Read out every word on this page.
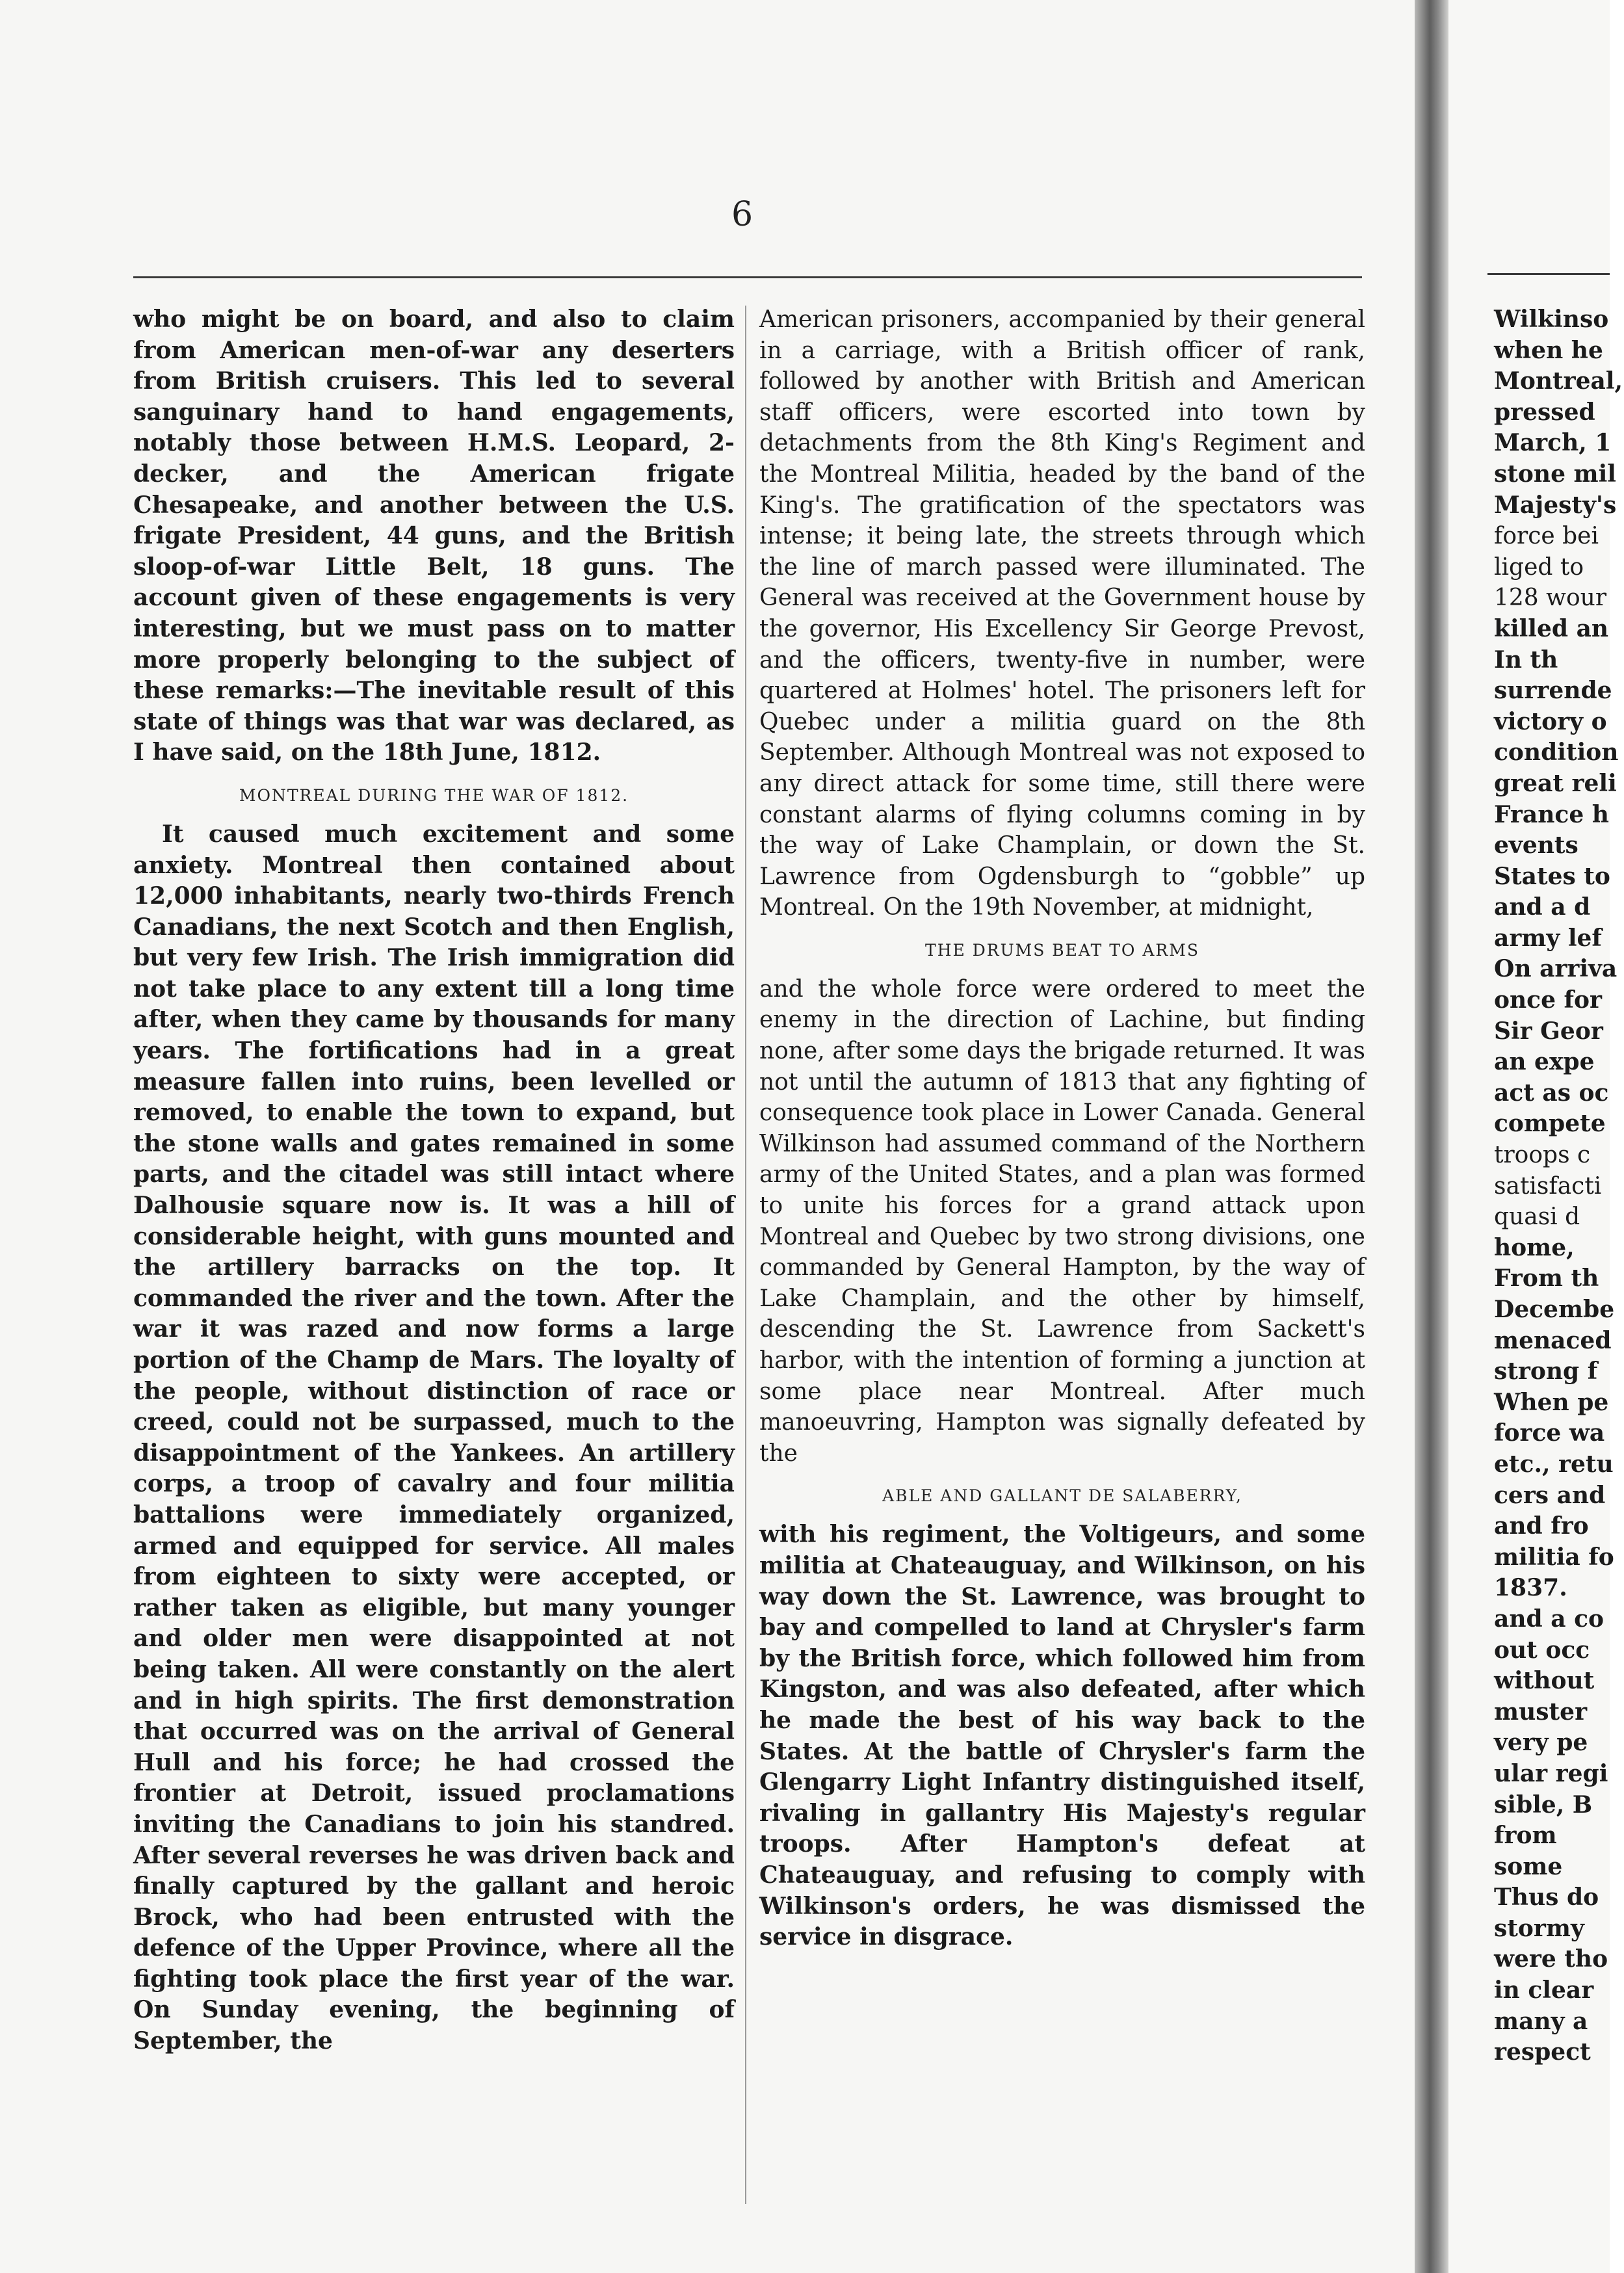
6

who might be on board, and also to claim from American men-of-war any deserters from British cruisers. This led to several sanguinary hand to hand engagements, notably those between H.M.S. Leopard, 2-decker, and the American frigate Chesapeake, and another between the U.S. frigate President, 44 guns, and the British sloop-of-war Little Belt, 18 guns. The account given of these engagements is very interesting, but we must pass on to matter more properly belonging to the subject of these remarks:—The inevitable result of this state of things was that war was declared, as I have said, on the 18th June, 1812.

MONTREAL DURING THE WAR OF 1812.

It caused much excitement and some anxiety. Montreal then contained about 12,000 inhabitants, nearly two-thirds French Canadians, the next Scotch and then English, but very few Irish. The Irish immigration did not take place to any extent till a long time after, when they came by thousands for many years. The fortifications had in a great measure fallen into ruins, been levelled or removed, to enable the town to expand, but the stone walls and gates remained in some parts, and the citadel was still intact where Dalhousie square now is. It was a hill of considerable height, with guns mounted and the artillery barracks on the top. It commanded the river and the town. After the war it was razed and now forms a large portion of the Champ de Mars. The loyalty of the people, without distinction of race or creed, could not be surpassed, much to the disappointment of the Yankees. An artillery corps, a troop of cavalry and four militia battalions were immediately organized, armed and equipped for service. All males from eighteen to sixty were accepted, or rather taken as eligible, but many younger and older men were disappointed at not being taken. All were constantly on the alert and in high spirits. The first demonstration that occurred was on the arrival of General Hull and his force; he had crossed the frontier at Detroit, issued proclamations inviting the Canadians to join his standred. After several reverses he was driven back and finally captured by the gallant and heroic Brock, who had been entrusted with the defence of the Upper Province, where all the fighting took place the first year of the war. On Sunday evening, the beginning of September, the

American prisoners, accompanied by their general in a carriage, with a British officer of rank, followed by another with British and American staff officers, were escorted into town by detachments from the 8th King's Regiment and the Montreal Militia, headed by the band of the King's. The gratification of the spectators was intense; it being late, the streets through which the line of march passed were illuminated. The General was received at the Government house by the governor, His Excellency Sir George Prevost, and the officers, twenty-five in number, were quartered at Holmes' hotel. The prisoners left for Quebec under a militia guard on the 8th September. Although Montreal was not exposed to any direct attack for some time, still there were constant alarms of flying columns coming in by the way of Lake Champlain, or down the St. Lawrence from Ogdensburgh to “gobble” up Montreal. On the 19th November, at midnight,

THE DRUMS BEAT TO ARMS

and the whole force were ordered to meet the enemy in the direction of Lachine, but finding none, after some days the brigade returned. It was not until the autumn of 1813 that any fighting of consequence took place in Lower Canada. General Wilkinson had assumed command of the Northern army of the United States, and a plan was formed to unite his forces for a grand attack upon Montreal and Quebec by two strong divisions, one commanded by General Hampton, by the way of Lake Champlain, and the other by himself, descending the St. Lawrence from Sackett's harbor, with the intention of forming a junction at some place near Montreal. After much manoeuvring, Hampton was signally defeated by the

ABLE AND GALLANT DE SALABERRY,

with his regiment, the Voltigeurs, and some militia at Chateauguay, and Wilkinson, on his way down the St. Lawrence, was brought to bay and compelled to land at Chrysler's farm by the British force, which followed him from Kingston, and was also defeated, after which he made the best of his way back to the States. At the battle of Chrysler's farm the Glengarry Light Infantry distinguished itself, rivaling in gallantry His Majesty's regular troops. After Hampton's defeat at Chateauguay, and refusing to comply with Wilkinson's orders, he was dismissed the service in disgrace.

Wilkinso
when he
Montreal,
pressed
March, 1
stone mil
Majesty's
force bei
liged to
128 wour
killed an
In th
surrende
victory o
condition
great reli
France h
events
States to
and a d
army lef
On arriva
once for
Sir Geor
an expe
act as oc
compete
troops c
satisfacti
quasi d
home,
From th
Decembe
menaced
strong f
When pe
force wa
etc., retu
cers and
and fro
militia fo
1837.
and a co
out occ
without
muster
very pe
ular regi
sible, B
from
some
Thus do
stormy
were tho
in clear
many a
respect
